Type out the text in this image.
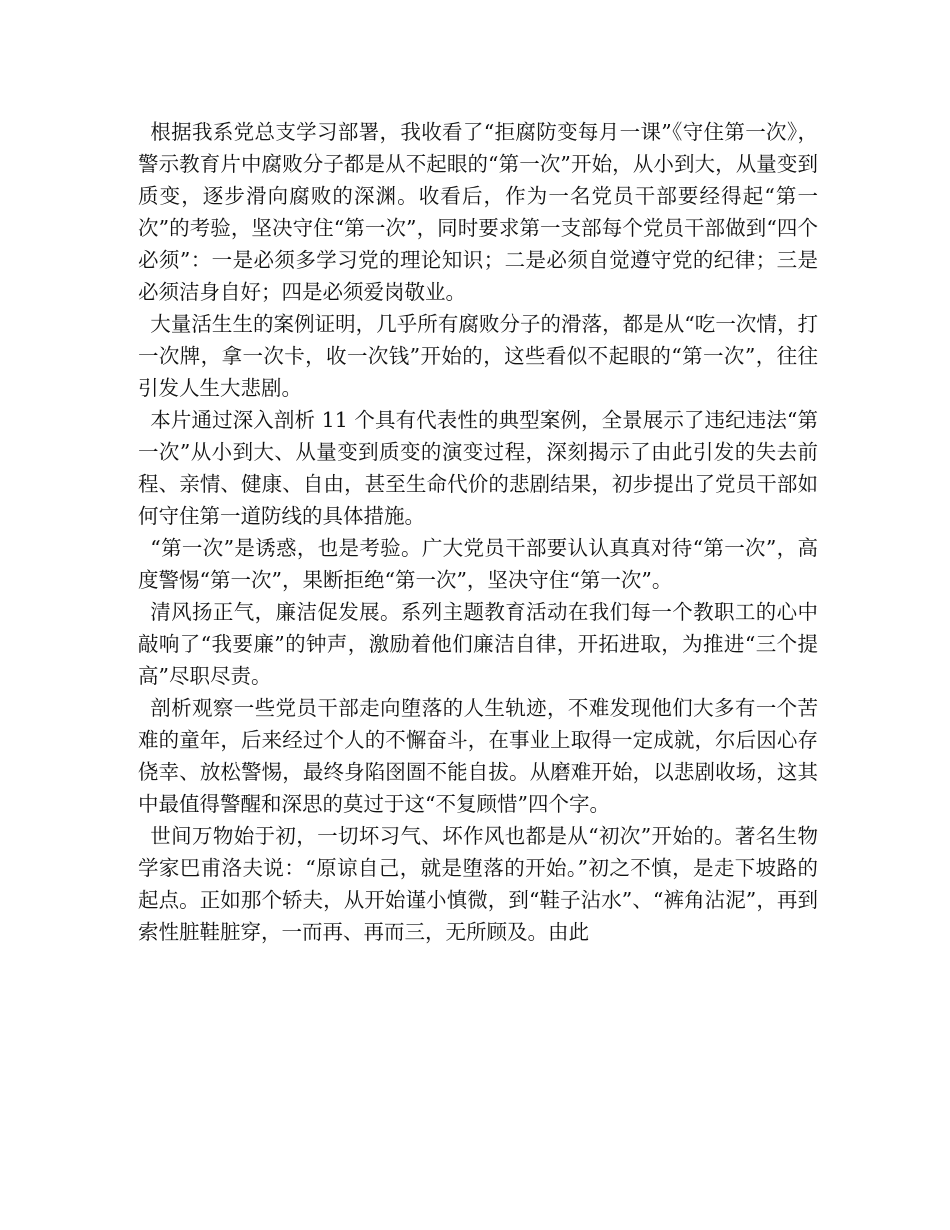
根据我系党总支学习部署，我收看了“拒腐防变每月一课”《守住第一次》，警示教育片中腐败分子都是从不起眼的“第一次”开始，从小到大，从量变到质变，逐步滑向腐败的深渊。收看后，作为一名党员干部要经得起“第一次”的考验，坚决守住“第一次”，同时要求第一支部每个党员干部做到“四个必须”：一是必须多学习党的理论知识；二是必须自觉遵守党的纪律；三是必须洁身自好；四是必须爱岗敬业。

大量活生生的案例证明，几乎所有腐败分子的滑落，都是从“吃一次情，打一次牌，拿一次卡，收一次钱”开始的，这些看似不起眼的“第一次”，往往引发人生大悲剧。

本片通过深入剖析 11 个具有代表性的典型案例，全景展示了违纪违法“第一次”从小到大、从量变到质变的演变过程，深刻揭示了由此引发的失去前程、亲情、健康、自由，甚至生命代价的悲剧结果，初步提出了党员干部如何守住第一道防线的具体措施。

“第一次”是诱惑，也是考验。广大党员干部要认认真真对待“第一次”，高度警惕“第一次”，果断拒绝“第一次”，坚决守住“第一次”。

清风扬正气，廉洁促发展。系列主题教育活动在我们每一个教职工的心中敲响了“我要廉”的钟声，激励着他们廉洁自律，开拓进取，为推进“三个提高”尽职尽责。

剖析观察一些党员干部走向堕落的人生轨迹，不难发现他们大多有一个苦难的童年，后来经过个人的不懈奋斗，在事业上取得一定成就，尔后因心存侥幸、放松警惕，最终身陷囹圄不能自拔。从磨难开始，以悲剧收场，这其中最值得警醒和深思的莫过于这“不复顾惜”四个字。

世间万物始于初，一切坏习气、坏作风也都是从“初次”开始的。著名生物学家巴甫洛夫说：“原谅自己，就是堕落的开始。”初之不慎，是走下坡路的起点。正如那个轿夫，从开始谨小慎微，到“鞋子沾水”、“裤角沾泥”，再到索性脏鞋脏穿，一而再、再而三，无所顾及。由此
